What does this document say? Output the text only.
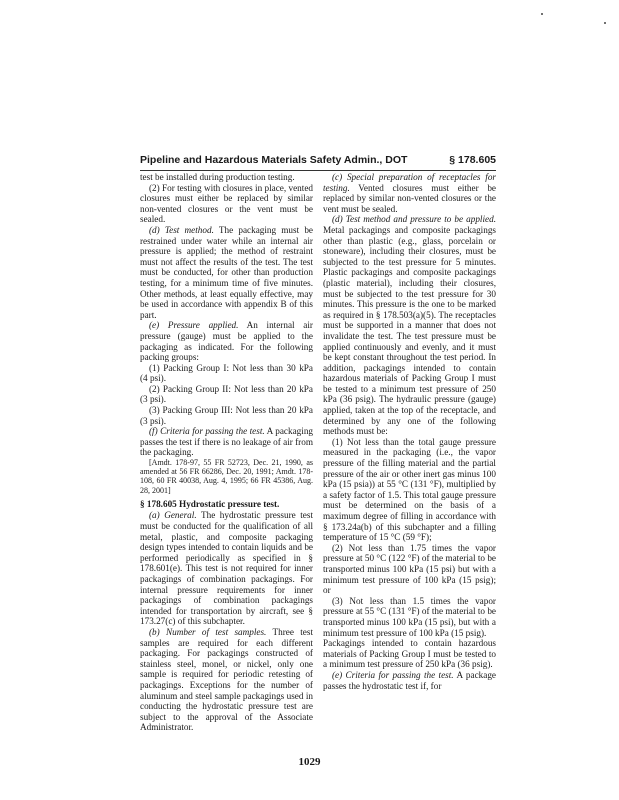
Pipeline and Hazardous Materials Safety Admin., DOT	§ 178.605

test be installed during production testing.

(2) For testing with closures in place, vented closures must either be replaced by similar non-vented closures or the vent must be sealed.

(d) Test method. The packaging must be restrained under water while an internal air pressure is applied; the method of restraint must not affect the results of the test. The test must be conducted, for other than production testing, for a minimum time of five minutes. Other methods, at least equally effective, may be used in accordance with appendix B of this part.

(e) Pressure applied. An internal air pressure (gauge) must be applied to the packaging as indicated. For the following packing groups:

(1) Packing Group I: Not less than 30 kPa (4 psi).

(2) Packing Group II: Not less than 20 kPa (3 psi).

(3) Packing Group III: Not less than 20 kPa (3 psi).

(f) Criteria for passing the test. A packaging passes the test if there is no leakage of air from the packaging.

[Amdt. 178-97, 55 FR 52723, Dec. 21, 1990, as amended at 56 FR 66286, Dec. 20, 1991; Amdt. 178-108, 60 FR 40038, Aug. 4, 1995; 66 FR 45386, Aug. 28, 2001]

§ 178.605 Hydrostatic pressure test.

(a) General. The hydrostatic pressure test must be conducted for the qualification of all metal, plastic, and composite packaging design types intended to contain liquids and be performed periodically as specified in § 178.601(e). This test is not required for inner packagings of combination packagings. For internal pressure requirements for inner packagings of combination packagings intended for transportation by aircraft, see § 173.27(c) of this subchapter.

(b) Number of test samples. Three test samples are required for each different packaging. For packagings constructed of stainless steel, monel, or nickel, only one sample is required for periodic retesting of packagings. Exceptions for the number of aluminum and steel sample packagings used in conducting the hydrostatic pressure test are subject to the approval of the Associate Administrator.

(c) Special preparation of receptacles for testing. Vented closures must either be replaced by similar non-vented closures or the vent must be sealed.

(d) Test method and pressure to be applied. Metal packagings and composite packagings other than plastic (e.g., glass, porcelain or stoneware), including their closures, must be subjected to the test pressure for 5 minutes. Plastic packagings and composite packagings (plastic material), including their closures, must be subjected to the test pressure for 30 minutes. This pressure is the one to be marked as required in § 178.503(a)(5). The receptacles must be supported in a manner that does not invalidate the test. The test pressure must be applied continuously and evenly, and it must be kept constant throughout the test period. In addition, packagings intended to contain hazardous materials of Packing Group I must be tested to a minimum test pressure of 250 kPa (36 psig). The hydraulic pressure (gauge) applied, taken at the top of the receptacle, and determined by any one of the following methods must be:

(1) Not less than the total gauge pressure measured in the packaging (i.e., the vapor pressure of the filling material and the partial pressure of the air or other inert gas minus 100 kPa (15 psia)) at 55 °C (131 °F), multiplied by a safety factor of 1.5. This total gauge pressure must be determined on the basis of a maximum degree of filling in accordance with § 173.24a(b) of this subchapter and a filling temperature of 15 °C (59 °F);

(2) Not less than 1.75 times the vapor pressure at 50 °C (122 °F) of the material to be transported minus 100 kPa (15 psi) but with a minimum test pressure of 100 kPa (15 psig); or

(3) Not less than 1.5 times the vapor pressure at 55 °C (131 °F) of the material to be transported minus 100 kPa (15 psi), but with a minimum test pressure of 100 kPa (15 psig).

Packagings intended to contain hazardous materials of Packing Group I must be tested to a minimum test pressure of 250 kPa (36 psig).

(e) Criteria for passing the test. A package passes the hydrostatic test if, for

1029
